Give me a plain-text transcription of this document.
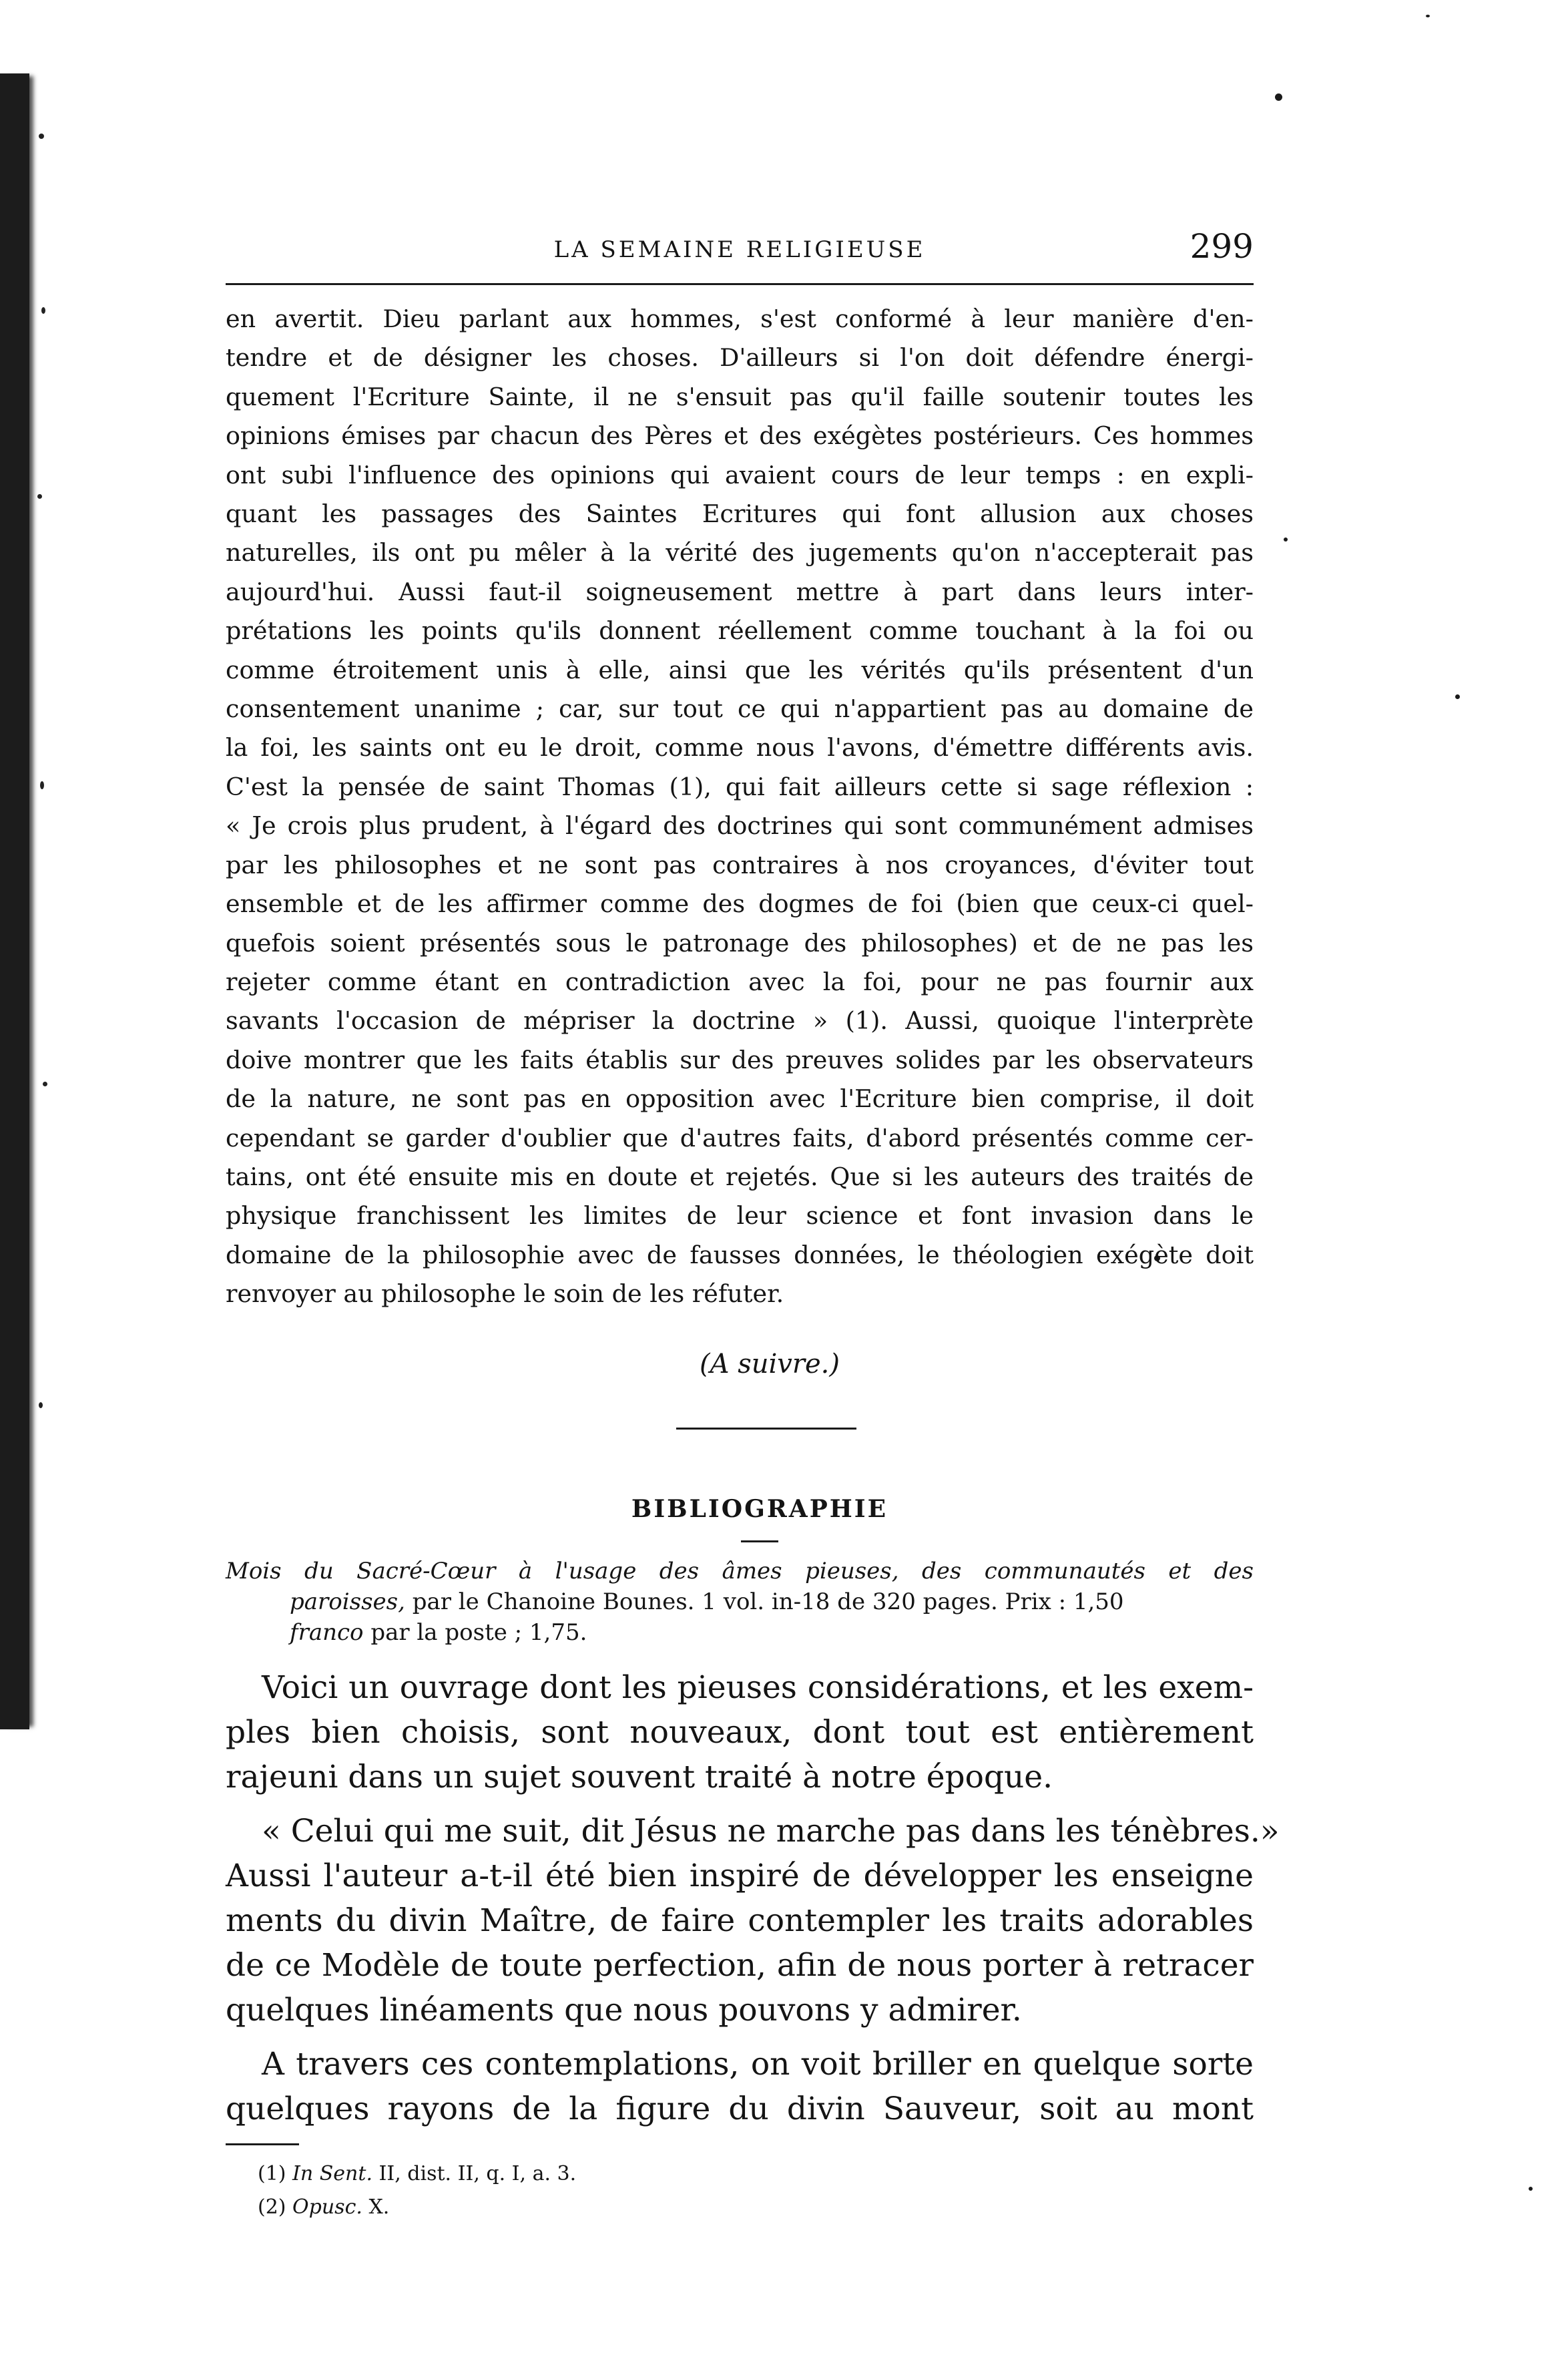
LA SEMAINE RELIGIEUSE	299
en avertit. Dieu parlant aux hommes, s'est conformé à leur manière d'en-
tendre et de désigner les choses. D'ailleurs si l'on doit défendre énergi-
quement l'Ecriture Sainte, il ne s'ensuit pas qu'il faille soutenir toutes les
opinions émises par chacun des Pères et des exégètes postérieurs. Ces hommes
ont subi l'influence des opinions qui avaient cours de leur temps : en expli-
quant les passages des Saintes Ecritures qui font allusion aux choses
naturelles, ils ont pu mêler à la vérité des jugements qu'on n'accepterait pas
aujourd'hui. Aussi faut-il soigneusement mettre à part dans leurs inter-
prétations les points qu'ils donnent réellement comme touchant à la foi ou
comme étroitement unis à elle, ainsi que les vérités qu'ils présentent d'un
consentement unanime ; car, sur tout ce qui n'appartient pas au domaine de
la foi, les saints ont eu le droit, comme nous l'avons, d'émettre différents avis.
C'est la pensée de saint Thomas (1), qui fait ailleurs cette si sage réflexion :
« Je crois plus prudent, à l'égard des doctrines qui sont communément admises
par les philosophes et ne sont pas contraires à nos croyances, d'éviter tout
ensemble et de les affirmer comme des dogmes de foi (bien que ceux-ci quel-
quefois soient présentés sous le patronage des philosophes) et de ne pas les
rejeter comme étant en contradiction avec la foi, pour ne pas fournir aux
savants l'occasion de mépriser la doctrine » (1). Aussi, quoique l'interprète
doive montrer que les faits établis sur des preuves solides par les observateurs
de la nature, ne sont pas en opposition avec l'Ecriture bien comprise, il doit
cependant se garder d'oublier que d'autres faits, d'abord présentés comme cer-
tains, ont été ensuite mis en doute et rejetés. Que si les auteurs des traités de
physique franchissent les limites de leur science et font invasion dans le
domaine de la philosophie avec de fausses données, le théologien exégète doit
renvoyer au philosophe le soin de les réfuter.
(A suivre.)
BIBLIOGRAPHIE
Mois du Sacré-Cœur à l'usage des âmes pieuses, des communautés et des
paroisses, par le Chanoine Bounes. 1 vol. in-18 de 320 pages. Prix : 1,50
franco par la poste ; 1,75.
Voici un ouvrage dont les pieuses considérations, et les exem-
ples bien choisis, sont nouveaux, dont tout est entièrement
rajeuni dans un sujet souvent traité à notre époque.
« Celui qui me suit, dit Jésus ne marche pas dans les ténèbres.»
Aussi l'auteur a-t-il été bien inspiré de développer les enseigne
ments du divin Maître, de faire contempler les traits adorables
de ce Modèle de toute perfection, afin de nous porter à retracer
quelques linéaments que nous pouvons y admirer.
A travers ces contemplations, on voit briller en quelque sorte
quelques rayons de la figure du divin Sauveur, soit au mont
(1) In Sent. II, dist. II, q. I, a. 3.
(2) Opusc. X.
